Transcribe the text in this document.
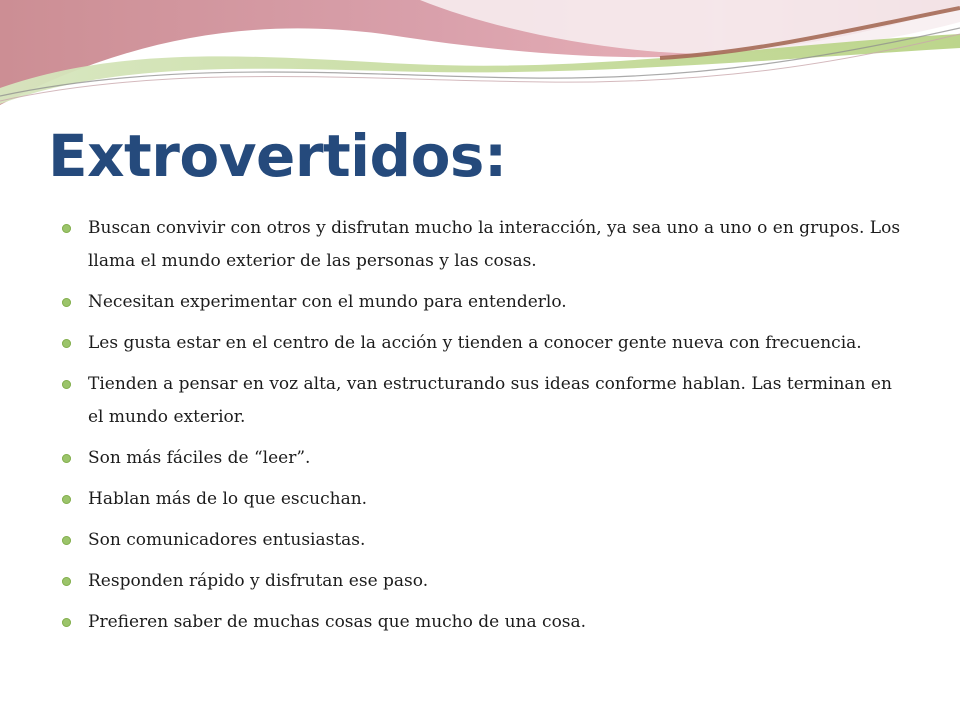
Extrovertidos:
Buscan convivir con otros y disfrutan mucho la interacción, ya sea uno a uno o en grupos. Los llama el mundo exterior de las personas y las cosas.
Necesitan experimentar con el mundo para entenderlo.
Les gusta estar en el centro de la acción y tienden a conocer gente nueva con frecuencia.
Tienden a pensar en voz alta, van estructurando sus ideas conforme hablan. Las terminan en el mundo exterior.
Son más fáciles de “leer”.
Hablan más de lo que escuchan.
Son comunicadores entusiastas.
Responden rápido y disfrutan ese paso.
Prefieren saber de muchas cosas que mucho de una cosa.
